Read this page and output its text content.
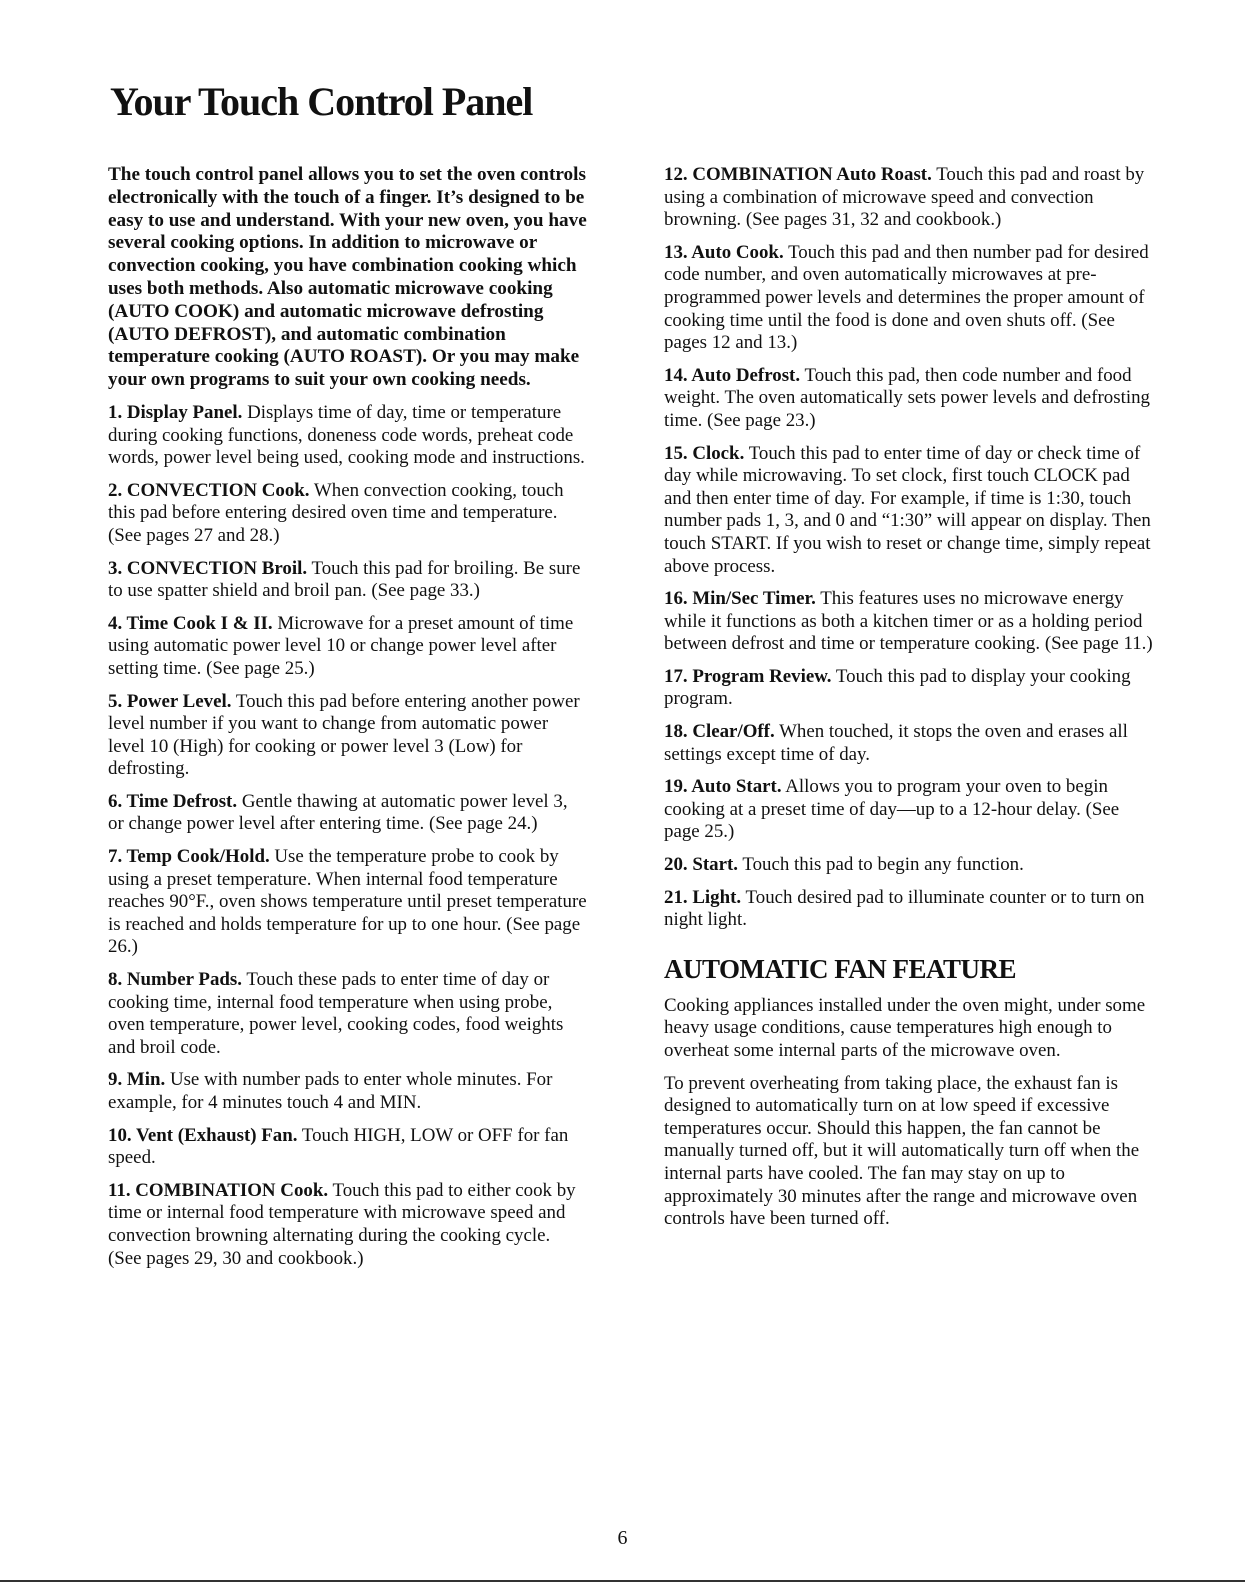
Your Touch Control Panel

The touch control panel allows you to set the oven controls electronically with the touch of a finger. It’s designed to be easy to use and understand. With your new oven, you have several cooking options. In addition to microwave or convection cooking, you have combination cooking which uses both methods. Also automatic microwave cooking (AUTO COOK) and automatic microwave defrosting (AUTO DEFROST), and automatic combination temperature cooking (AUTO ROAST). Or you may make your own programs to suit your own cooking needs.

1. Display Panel. Displays time of day, time or temperature during cooking functions, doneness code words, preheat code words, power level being used, cooking mode and instructions.

2. CONVECTION Cook. When convection cooking, touch this pad before entering desired oven time and temperature. (See pages 27 and 28.)

3. CONVECTION Broil. Touch this pad for broiling. Be sure to use spatter shield and broil pan. (See page 33.)

4. Time Cook I & II. Microwave for a preset amount of time using automatic power level 10 or change power level after setting time. (See page 25.)

5. Power Level. Touch this pad before entering another power level number if you want to change from automatic power level 10 (High) for cooking or power level 3 (Low) for defrosting.

6. Time Defrost. Gentle thawing at automatic power level 3, or change power level after entering time. (See page 24.)

7. Temp Cook/Hold. Use the temperature probe to cook by using a preset temperature. When internal food temperature reaches 90°F., oven shows temperature until preset temperature is reached and holds temperature for up to one hour. (See page 26.)

8. Number Pads. Touch these pads to enter time of day or cooking time, internal food temperature when using probe, oven temperature, power level, cooking codes, food weights and broil code.

9. Min. Use with number pads to enter whole minutes. For example, for 4 minutes touch 4 and MIN.

10. Vent (Exhaust) Fan. Touch HIGH, LOW or OFF for fan speed.

11. COMBINATION Cook. Touch this pad to either cook by time or internal food temperature with microwave speed and convection browning alternating during the cooking cycle. (See pages 29, 30 and cookbook.)

12. COMBINATION Auto Roast. Touch this pad and roast by using a combination of microwave speed and convection browning. (See pages 31, 32 and cookbook.)

13. Auto Cook. Touch this pad and then number pad for desired code number, and oven automatically microwaves at pre-programmed power levels and determines the proper amount of cooking time until the food is done and oven shuts off. (See pages 12 and 13.)

14. Auto Defrost. Touch this pad, then code number and food weight. The oven automatically sets power levels and defrosting time. (See page 23.)

15. Clock. Touch this pad to enter time of day or check time of day while microwaving. To set clock, first touch CLOCK pad and then enter time of day. For example, if time is 1:30, touch number pads 1, 3, and 0 and “1:30” will appear on display. Then touch START. If you wish to reset or change time, simply repeat above process.

16. Min/Sec Timer. This features uses no microwave energy while it functions as both a kitchen timer or as a holding period between defrost and time or temperature cooking. (See page 11.)

17. Program Review. Touch this pad to display your cooking program.

18. Clear/Off. When touched, it stops the oven and erases all settings except time of day.

19. Auto Start. Allows you to program your oven to begin cooking at a preset time of day—up to a 12-hour delay. (See page 25.)

20. Start. Touch this pad to begin any function.

21. Light. Touch desired pad to illuminate counter or to turn on night light.

AUTOMATIC FAN FEATURE

Cooking appliances installed under the oven might, under some heavy usage conditions, cause temperatures high enough to overheat some internal parts of the microwave oven.

To prevent overheating from taking place, the exhaust fan is designed to automatically turn on at low speed if excessive temperatures occur. Should this happen, the fan cannot be manually turned off, but it will automatically turn off when the internal parts have cooled. The fan may stay on up to approximately 30 minutes after the range and microwave oven controls have been turned off.

6
